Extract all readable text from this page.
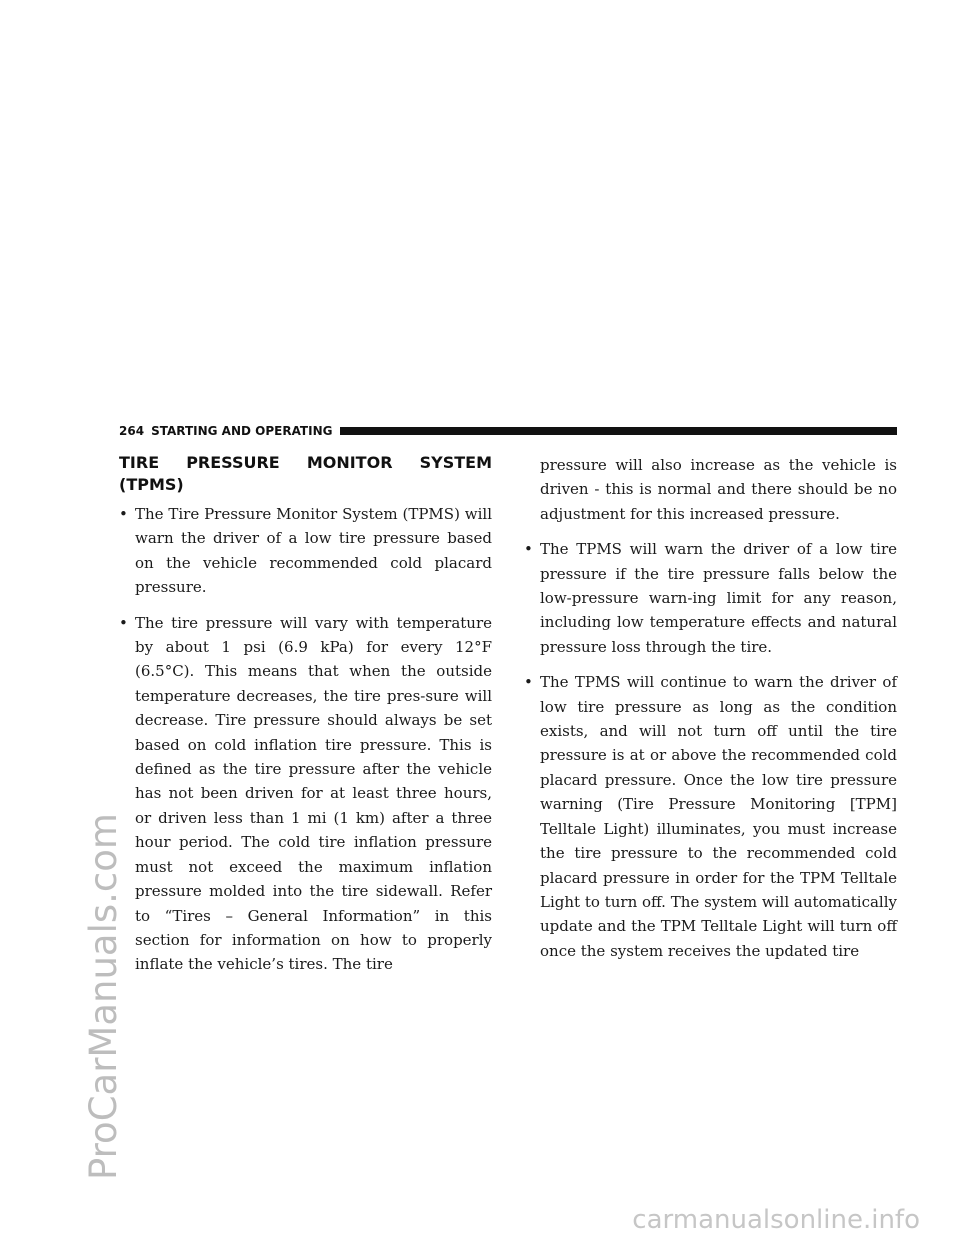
ProCarManuals.com
carmanualsonline.info
264 STARTING AND OPERATING
TIRE PRESSURE MONITOR SYSTEM (TPMS)
• The Tire Pressure Monitor System (TPMS) will warn the driver of a low tire pressure based on the vehicle recommended cold placard pressure.

• The tire pressure will vary with temperature by about 1 psi (6.9 kPa) for every 12°F (6.5°C). This means that when the outside temperature decreases, the tire pres-sure will decrease. Tire pressure should always be set based on cold inflation tire pressure. This is defined as the tire pressure after the vehicle has not been driven for at least three hours, or driven less than 1 mi (1 km) after a three hour period. The cold tire inflation pressure must not exceed the maximum inflation pressure molded into the tire sidewall. Refer to “Tires – General Information” in this section for information on how to properly inflate the vehicle’s tires. The tire

pressure will also increase as the vehicle is driven - this is normal and there should be no adjustment for this increased pressure.

• The TPMS will warn the driver of a low tire pressure if the tire pressure falls below the low-pressure warn-ing limit for any reason, including low temperature effects and natural pressure loss through the tire.

• The TPMS will continue to warn the driver of low tire pressure as long as the condition exists, and will not turn off until the tire pressure is at or above the recommended cold placard pressure. Once the low tire pressure warning (Tire Pressure Monitoring [TPM] Telltale Light) illuminates, you must increase the tire pressure to the recommended cold placard pressure in order for the TPM Telltale Light to turn off. The system will automatically update and the TPM Telltale Light will turn off once the system receives the updated tire
